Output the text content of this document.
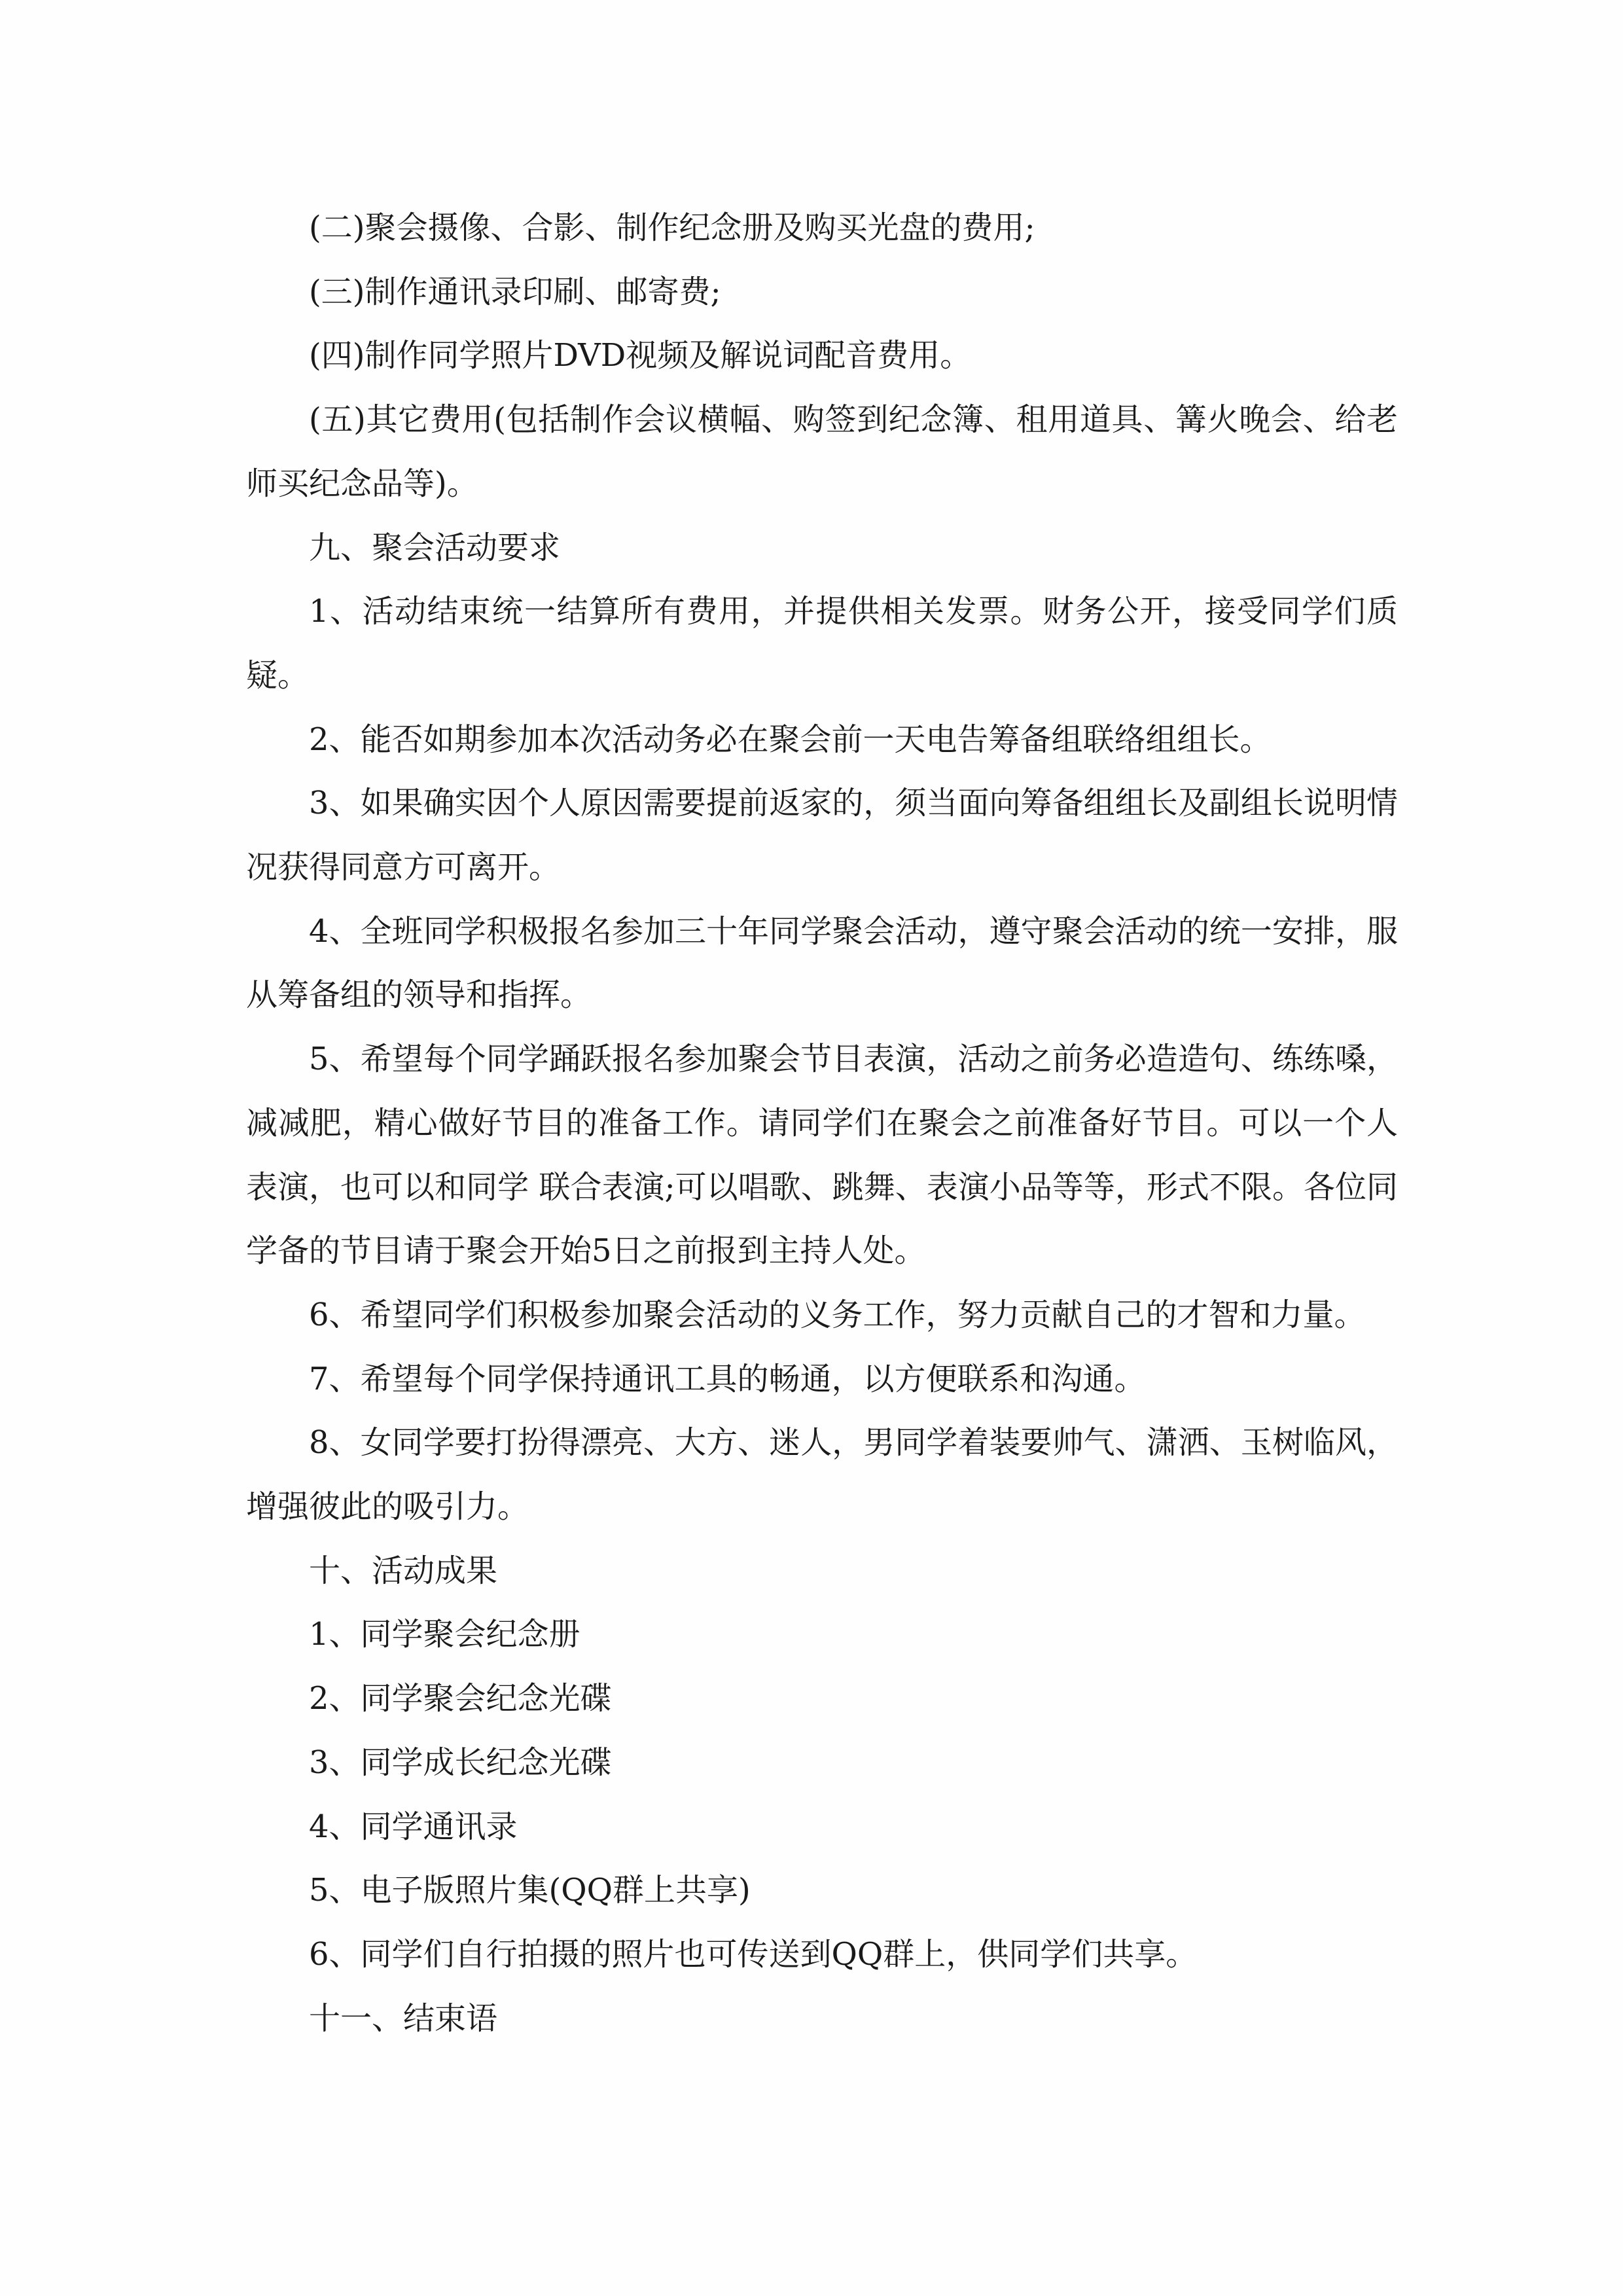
(二)聚会摄像、合影、制作纪念册及购买光盘的费用;

(三)制作通讯录印刷、邮寄费;

(四)制作同学照片DVD视频及解说词配音费用。

(五)其它费用(包括制作会议横幅、购签到纪念簿、租用道具、篝火晚会、给老师买纪念品等)。

九、聚会活动要求

1、活动结束统一结算所有费用，并提供相关发票。财务公开，接受同学们质疑。

2、能否如期参加本次活动务必在聚会前一天电告筹备组联络组组长。

3、如果确实因个人原因需要提前返家的，须当面向筹备组组长及副组长说明情况获得同意方可离开。

4、全班同学积极报名参加三十年同学聚会活动，遵守聚会活动的统一安排，服从筹备组的领导和指挥。

5、希望每个同学踊跃报名参加聚会节目表演，活动之前务必造造句、练练嗓，减减肥，精心做好节目的准备工作。请同学们在聚会之前准备好节目。可以一个人表演，也可以和同学 联合表演;可以唱歌、跳舞、表演小品等等，形式不限。各位同学备的节目请于聚会开始5日之前报到主持人处。

6、希望同学们积极参加聚会活动的义务工作，努力贡献自己的才智和力量。

7、希望每个同学保持通讯工具的畅通，以方便联系和沟通。

8、女同学要打扮得漂亮、大方、迷人，男同学着装要帅气、潇洒、玉树临风，增强彼此的吸引力。

十、活动成果

1、同学聚会纪念册

2、同学聚会纪念光碟

3、同学成长纪念光碟

4、同学通讯录

5、电子版照片集(QQ群上共享)

6、同学们自行拍摄的照片也可传送到QQ群上，供同学们共享。

十一、结束语
